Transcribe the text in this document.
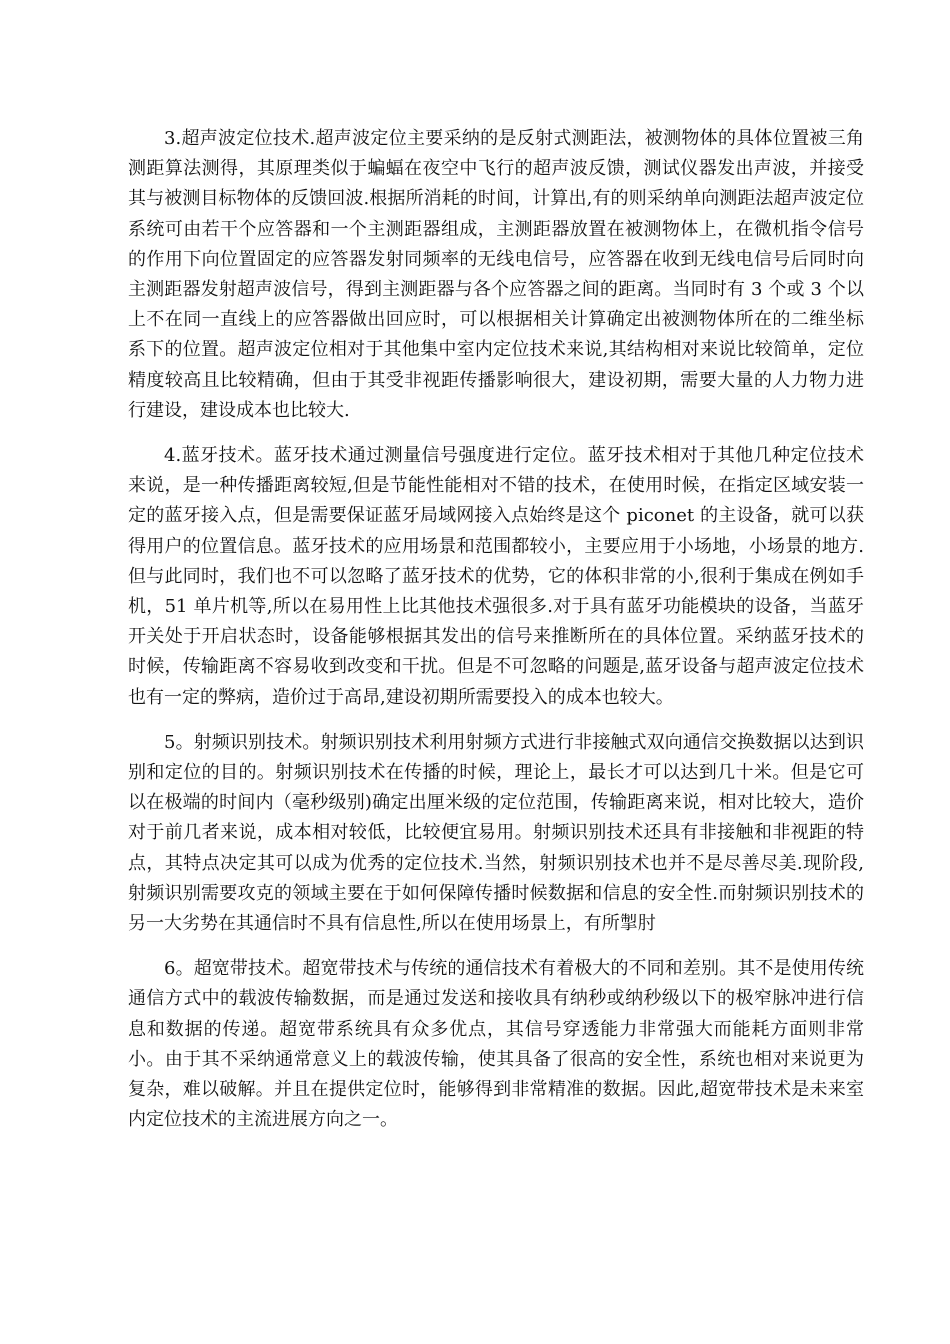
3.超声波定位技术.超声波定位主要采纳的是反射式测距法，被测物体的具体位置被三角测距算法测得，其原理类似于蝙蝠在夜空中飞行的超声波反馈，测试仪器发出声波，并接受其与被测目标物体的反馈回波.根据所消耗的时间，计算出,有的则采纳单向测距法超声波定位系统可由若干个应答器和一个主测距器组成，主测距器放置在被测物体上，在微机指令信号的作用下向位置固定的应答器发射同频率的无线电信号，应答器在收到无线电信号后同时向主测距器发射超声波信号，得到主测距器与各个应答器之间的距离。当同时有 3 个或 3 个以上不在同一直线上的应答器做出回应时，可以根据相关计算确定出被测物体所在的二维坐标系下的位置。超声波定位相对于其他集中室内定位技术来说,其结构相对来说比较简单，定位精度较高且比较精确，但由于其受非视距传播影响很大，建设初期，需要大量的人力物力进行建设，建设成本也比较大.

4.蓝牙技术。蓝牙技术通过测量信号强度进行定位。蓝牙技术相对于其他几种定位技术来说，是一种传播距离较短,但是节能性能相对不错的技术，在使用时候，在指定区域安装一定的蓝牙接入点，但是需要保证蓝牙局域网接入点始终是这个 piconet 的主设备，就可以获得用户的位置信息。蓝牙技术的应用场景和范围都较小，主要应用于小场地，小场景的地方.但与此同时，我们也不可以忽略了蓝牙技术的优势，它的体积非常的小,很利于集成在例如手机，51 单片机等,所以在易用性上比其他技术强很多.对于具有蓝牙功能模块的设备，当蓝牙开关处于开启状态时，设备能够根据其发出的信号来推断所在的具体位置。采纳蓝牙技术的时候，传输距离不容易收到改变和干扰。但是不可忽略的问题是,蓝牙设备与超声波定位技术也有一定的弊病，造价过于高昂,建设初期所需要投入的成本也较大。

5。射频识别技术。射频识别技术利用射频方式进行非接触式双向通信交换数据以达到识别和定位的目的。射频识别技术在传播的时候，理论上，最长才可以达到几十米。但是它可以在极端的时间内（毫秒级别)确定出厘米级的定位范围，传输距离来说，相对比较大，造价对于前几者来说，成本相对较低，比较便宜易用。射频识别技术还具有非接触和非视距的特点，其特点决定其可以成为优秀的定位技术.当然，射频识别技术也并不是尽善尽美.现阶段,射频识别需要攻克的领域主要在于如何保障传播时候数据和信息的安全性.而射频识别技术的另一大劣势在其通信时不具有信息性,所以在使用场景上，有所掣肘

6。超宽带技术。超宽带技术与传统的通信技术有着极大的不同和差别。其不是使用传统通信方式中的载波传输数据，而是通过发送和接收具有纳秒或纳秒级以下的极窄脉冲进行信息和数据的传递。超宽带系统具有众多优点，其信号穿透能力非常强大而能耗方面则非常小。由于其不采纳通常意义上的载波传输，使其具备了很高的安全性，系统也相对来说更为复杂，难以破解。并且在提供定位时，能够得到非常精准的数据。因此,超宽带技术是未来室内定位技术的主流进展方向之一。
